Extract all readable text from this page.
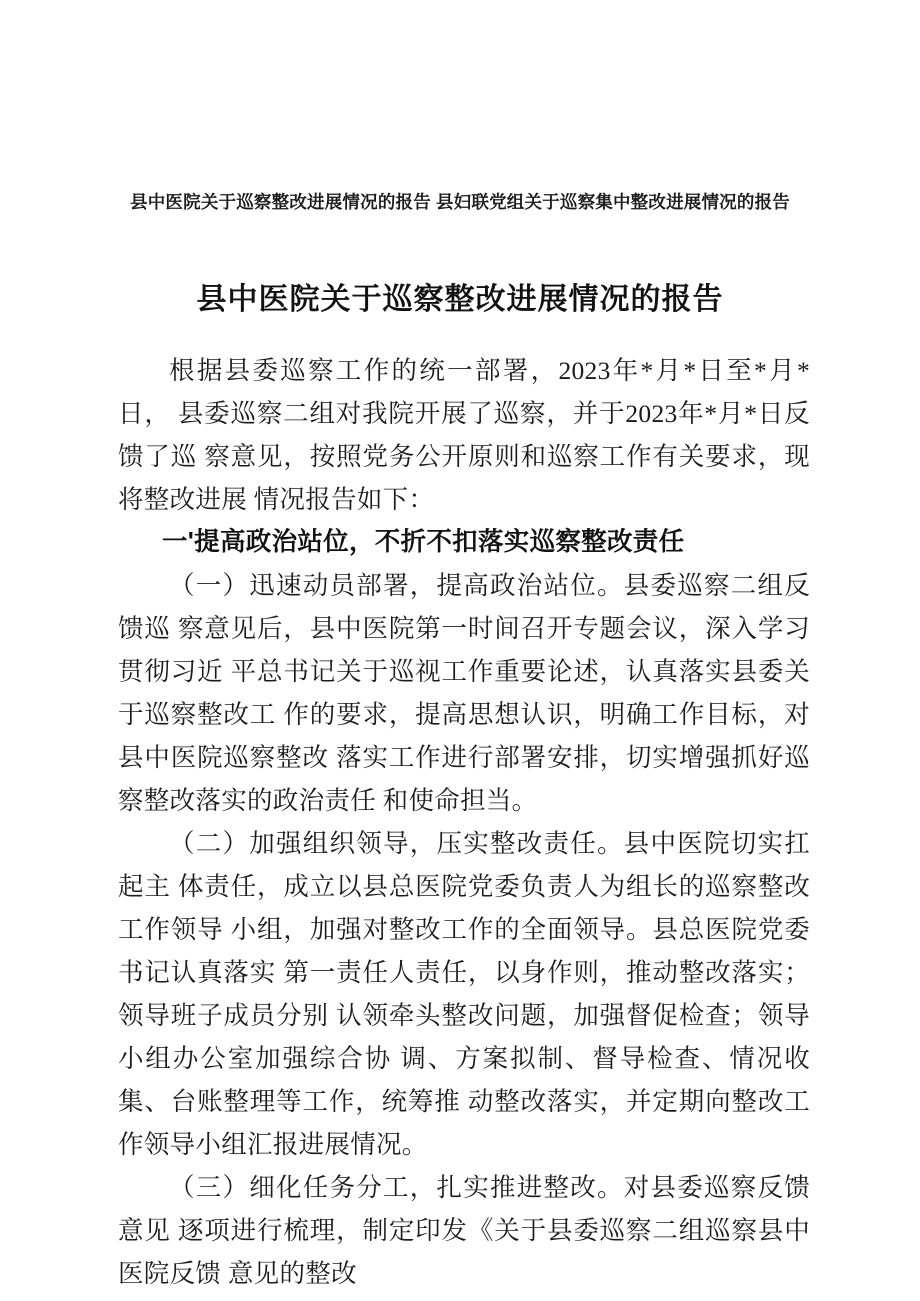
县中医院关于巡察整改进展情况的报告 县妇联党组关于巡察集中整改进展情况的报告
县中医院关于巡察整改进展情况的报告

根据县委巡察工作的统一部署，2023年*月*日至*月*日， 县委巡察二组对我院开展了巡察，并于2023年*月*日反馈了巡 察意见，按照党务公开原则和巡察工作有关要求，现将整改进展 情况报告如下：

一'提高政治站位，不折不扣落实巡察整改责任

（一）迅速动员部署，提高政治站位。县委巡察二组反馈巡 察意见后，县中医院第一时间召开专题会议，深入学习贯彻习近 平总书记关于巡视工作重要论述，认真落实县委关于巡察整改工 作的要求，提高思想认识，明确工作目标，对县中医院巡察整改 落实工作进行部署安排，切实增强抓好巡察整改落实的政治责任 和使命担当。

（二）加强组织领导，压实整改责任。县中医院切实扛起主 体责任，成立以县总医院党委负责人为组长的巡察整改工作领导 小组，加强对整改工作的全面领导。县总医院党委书记认真落实 第一责任人责任，以身作则，推动整改落实；领导班子成员分别 认领牵头整改问题，加强督促检查；领导小组办公室加强综合协 调、方案拟制、督导检查、情况收集、台账整理等工作，统筹推 动整改落实，并定期向整改工作领导小组汇报进展情况。

（三）细化任务分工，扎实推进整改。对县委巡察反馈意见 逐项进行梳理，制定印发《关于县委巡察二组巡察县中医院反馈 意见的整改
